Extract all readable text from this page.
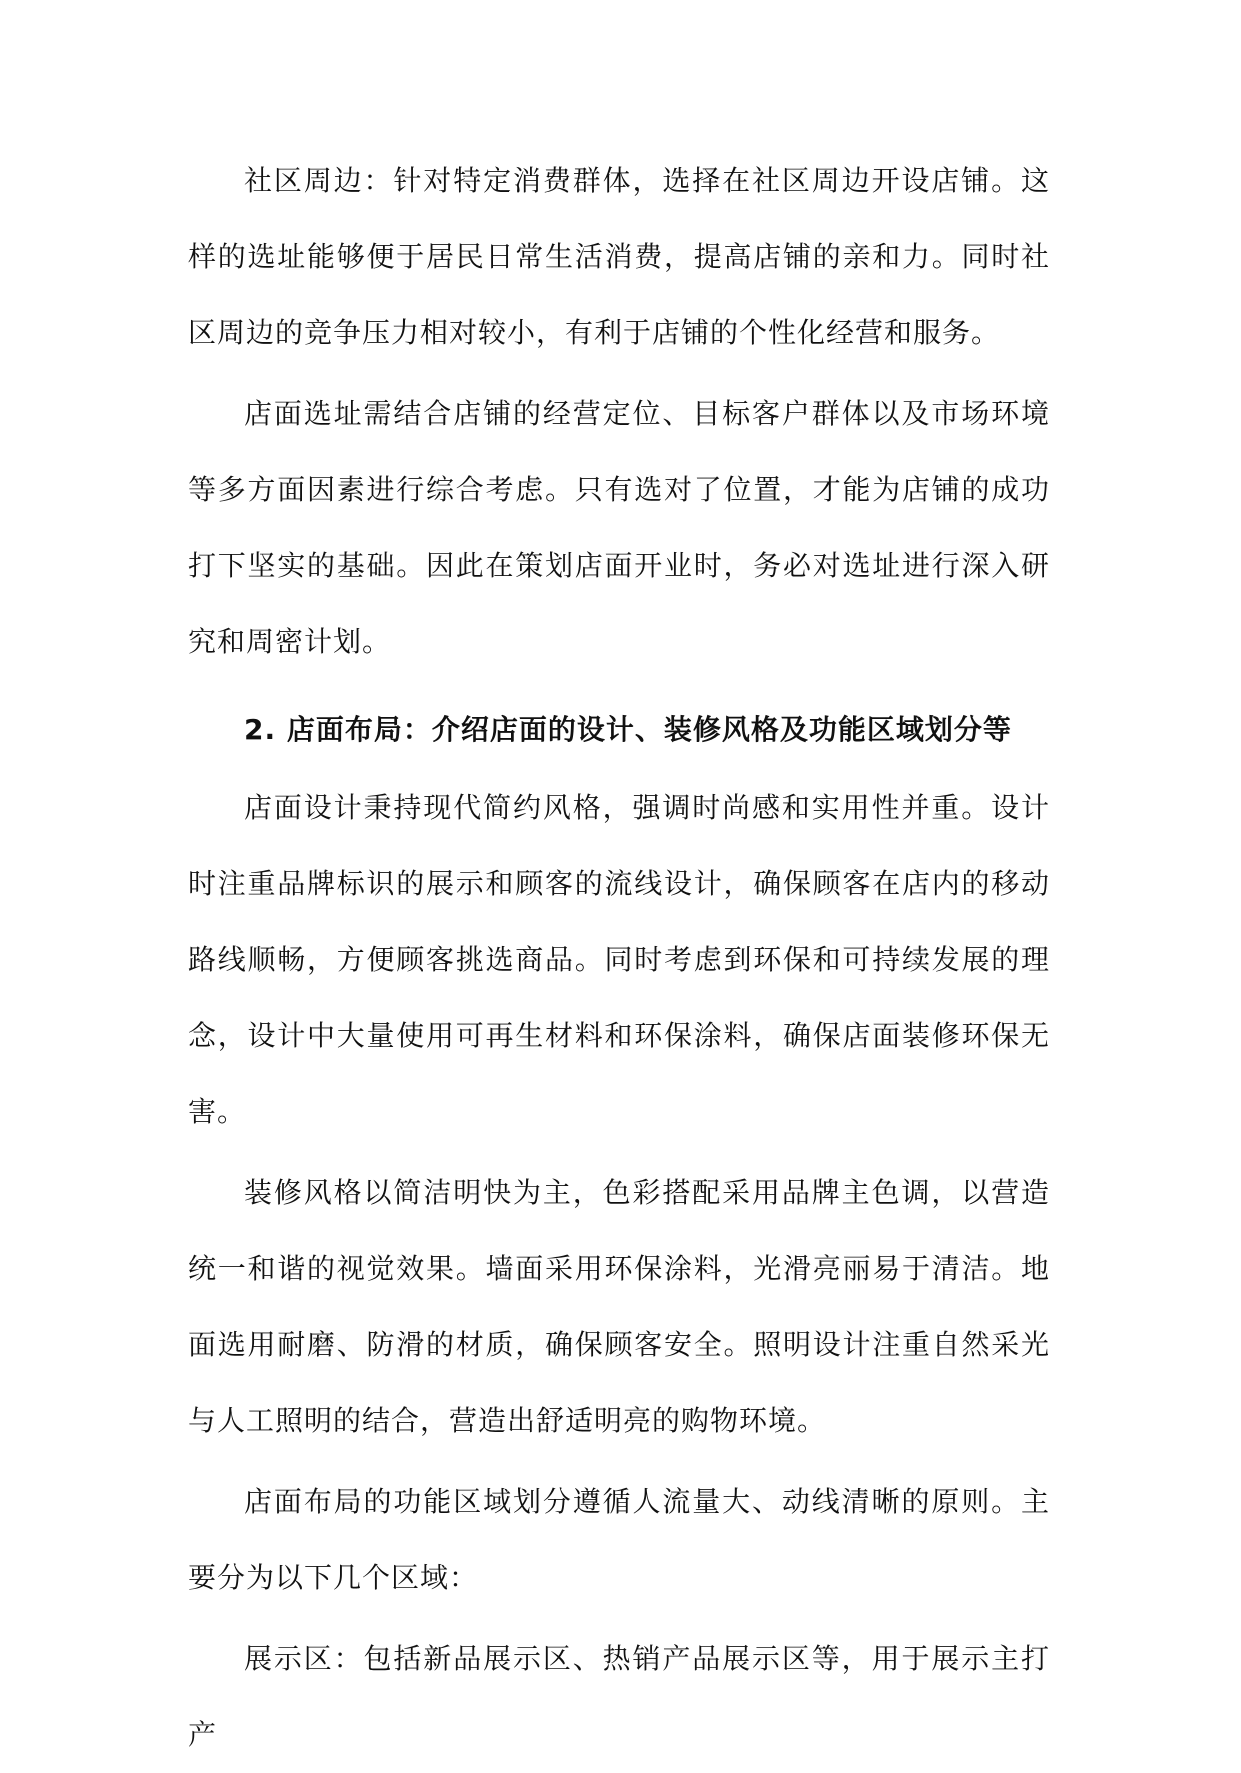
社区周边：针对特定消费群体，选择在社区周边开设店铺。这样的选址能够便于居民日常生活消费，提高店铺的亲和力。同时社区周边的竞争压力相对较小，有利于店铺的个性化经营和服务。

店面选址需结合店铺的经营定位、目标客户群体以及市场环境等多方面因素进行综合考虑。只有选对了位置，才能为店铺的成功打下坚实的基础。因此在策划店面开业时，务必对选址进行深入研究和周密计划。

2. 店面布局：介绍店面的设计、装修风格及功能区域划分等

店面设计秉持现代简约风格，强调时尚感和实用性并重。设计时注重品牌标识的展示和顾客的流线设计，确保顾客在店内的移动路线顺畅，方便顾客挑选商品。同时考虑到环保和可持续发展的理念，设计中大量使用可再生材料和环保涂料，确保店面装修环保无害。

装修风格以简洁明快为主，色彩搭配采用品牌主色调，以营造统一和谐的视觉效果。墙面采用环保涂料，光滑亮丽易于清洁。地面选用耐磨、防滑的材质，确保顾客安全。照明设计注重自然采光与人工照明的结合，营造出舒适明亮的购物环境。

店面布局的功能区域划分遵循人流量大、动线清晰的原则。主要分为以下几个区域：

展示区：包括新品展示区、热销产品展示区等，用于展示主打产
